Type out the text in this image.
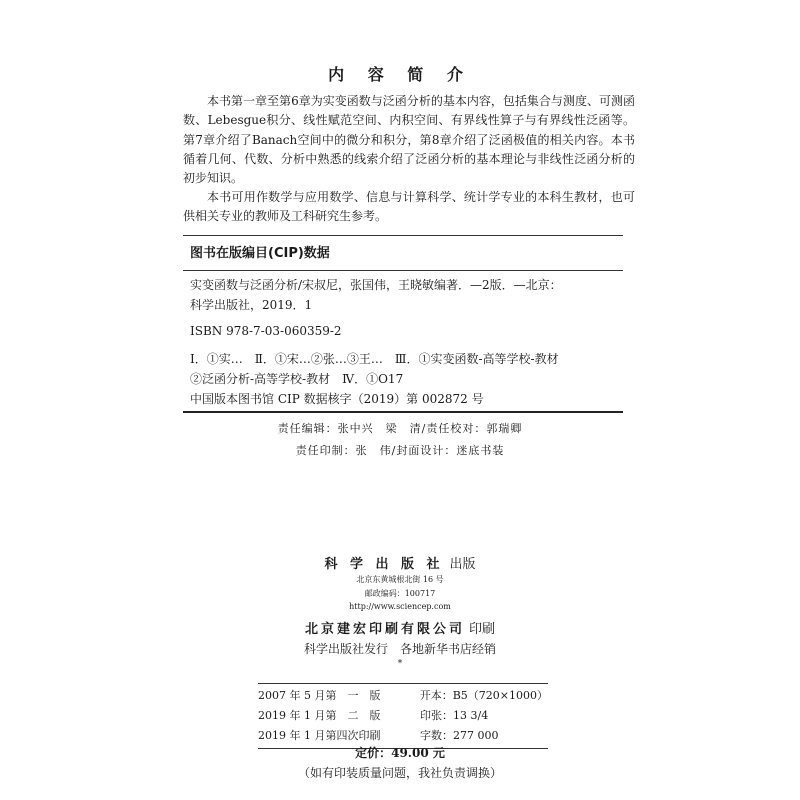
内 容 简 介

本书第一章至第6章为实变函数与泛函分析的基本内容，包括集合与测度、可测函数、Lebesgue积分、线性赋范空间、内积空间、有界线性算子与有界线性泛函等。第7章介绍了Banach空间中的微分和积分，第8章介绍了泛函极值的相关内容。本书循着几何、代数、分析中熟悉的线索介绍了泛函分析的基本理论与非线性泛函分析的初步知识。

本书可用作数学与应用数学、信息与计算科学、统计学专业的本科生教材，也可供相关专业的教师及工科研究生参考。

图书在版编目(CIP)数据
实变函数与泛函分析/宋叔尼，张国伟，王晓敏编著．—2版．—北京：
科学出版社，2019．1
ISBN 978-7-03-060359-2
Ⅰ．①实…　Ⅱ．①宋…②张…③王…　Ⅲ．①实变函数-高等学校-教材
②泛函分析-高等学校-教材　Ⅳ．①O17
中国版本图书馆 CIP 数据核字（2019）第 002872 号
责任编辑：张中兴　梁　清/责任校对：郭瑞卿
责任印制：张　伟/封面设计：迷底书装
科 学 出 版 社 出版
北京东黄城根北街 16 号
邮政编码：100717
http://www.sciencep.com
北京建宏印刷有限公司 印刷
科学出版社发行　各地新华书店经销
*
2007 年 5 月第　一　版	开本：B5（720×1000）
2019 年 1 月第　二　版	印张：13 3/4
2019 年 1 月第四次印刷	字数：277 000
定价：49.00 元
（如有印装质量问题，我社负责调换）
